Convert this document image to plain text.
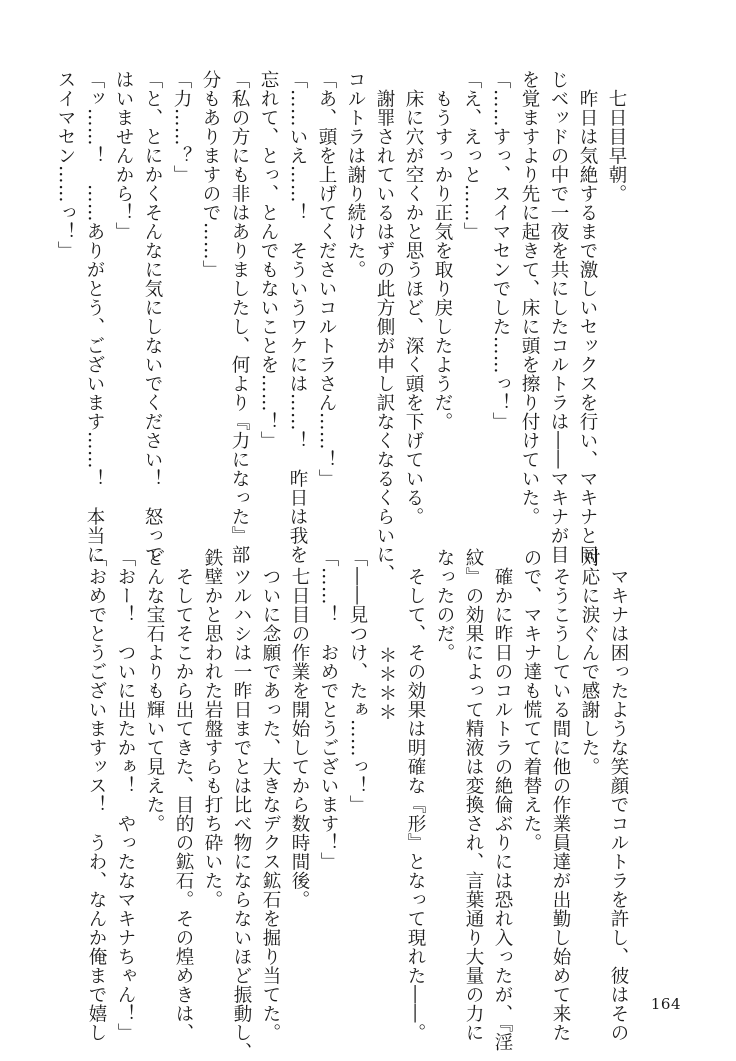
　七日目早朝。
　昨日は気絶するまで激しいセックスを行い、マキナと同
じベッドの中で一夜を共にしたコルトラは――マキナが目
を覚ますより先に起きて、床に頭を擦り付けていた。
「……すっ、スイマセンでした……っ！」
「え、えっと……」
　もうすっかり正気を取り戻したようだ。
　床に穴が空くかと思うほど、深く頭を下げている。
　謝罪されているはずの此方側が申し訳なくなるくらいに、
コルトラは謝り続けた。
「あ、頭を上げてくださいコルトラさん……！」
「……いえ……！　そういうワケには……！　昨日は我を
忘れて、とっ、とんでもないことを……！」
「私の方にも非はありましたし、何より『力になった』部
分もありますので……」
「力……？」
「と、とにかくそんなに気にしないでください！　怒って
はいませんから！」
「ッ……！　……ありがとう、ございます……！　本当に
スイマセン……っ！」
　マキナは困ったような笑顔でコルトラを許し、彼はその
対応に涙ぐんで感謝した。
　そうこうしている間に他の作業員達が出勤し始めて来た
ので、マキナ達も慌てて着替えた。
　確かに昨日のコルトラの絶倫ぶりには恐れ入ったが、『淫
紋』の効果によって精液は変換され、言葉通り大量の力に
なったのだ。
　そして、その効果は明確な『形』となって現れた――。
＊＊＊＊
「――見つけ、たぁ……っ！」
「……！　おめでとうございます！」
　七日目の作業を開始してから数時間後。
　ついに念願であった、大きなデクス鉱石を掘り当てた。
　ツルハシは一昨日までとは比べ物にならないほど振動し、
鉄壁かと思われた岩盤すらも打ち砕いた。
　そしてそこから出てきた、目的の鉱石。その煌めきは、
どんな宝石よりも輝いて見えた。
「おー！　ついに出たかぁ！　やったなマキナちゃん！」
「おめでとうございますッス！　うわ、なんか俺まで嬉し	164
